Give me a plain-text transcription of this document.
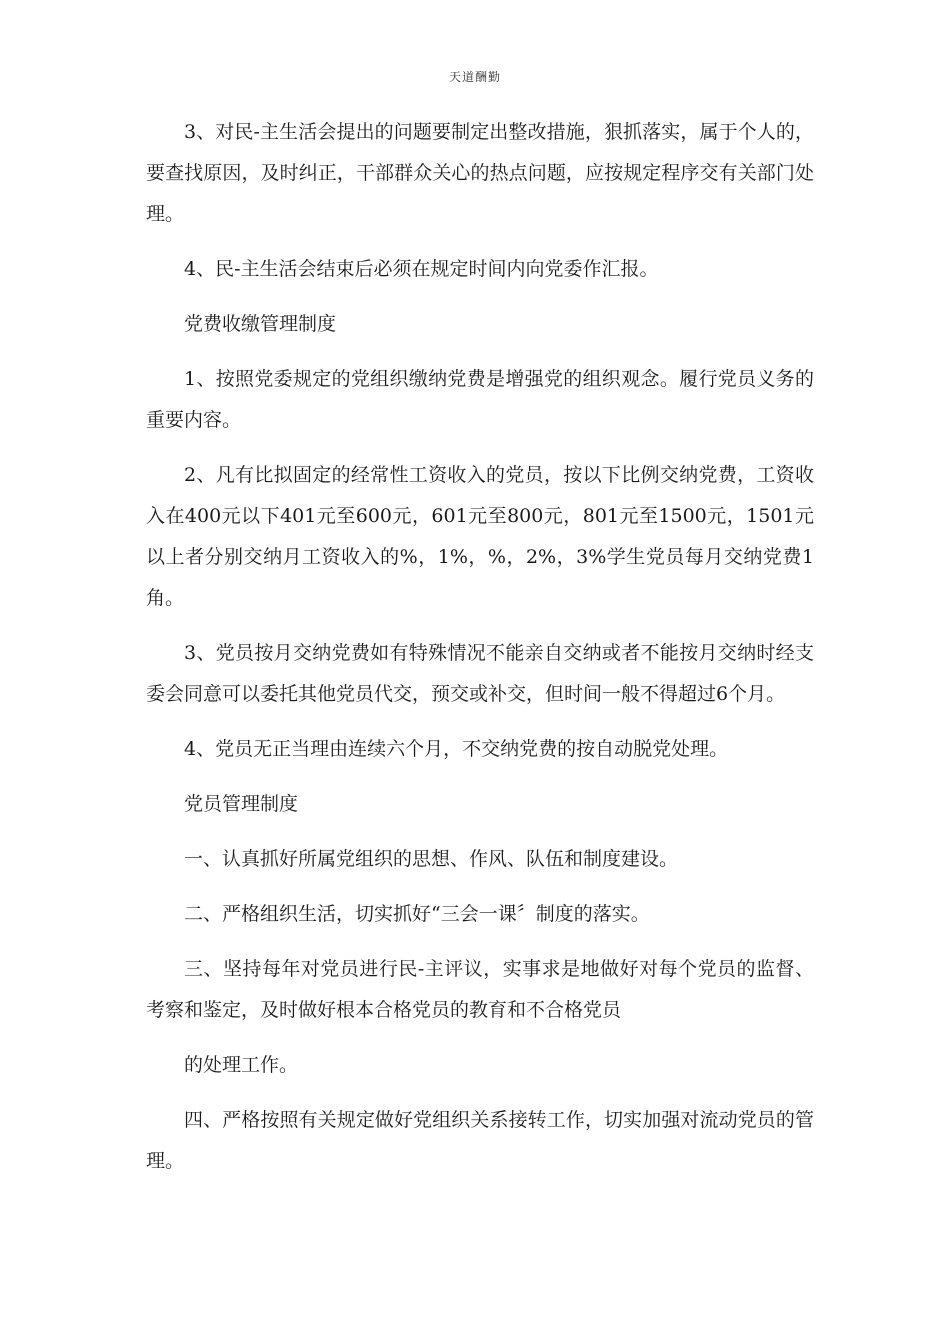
天道酬勤

3、对民-主生活会提出的问题要制定出整改措施，狠抓落实，属于个人的，要查找原因，及时纠正，干部群众关心的热点问题，应按规定程序交有关部门处理。

4、民-主生活会结束后必须在规定时间内向党委作汇报。

党费收缴管理制度

1、按照党委规定的党组织缴纳党费是增强党的组织观念。履行党员义务的重要内容。

2、凡有比拟固定的经常性工资收入的党员，按以下比例交纳党费，工资收入在400元以下401元至600元，601元至800元，801元至1500元，1501元以上者分别交纳月工资收入的%，1%，%，2%，3%学生党员每月交纳党费1角。

3、党员按月交纳党费如有特殊情况不能亲自交纳或者不能按月交纳时经支委会同意可以委托其他党员代交，预交或补交，但时间一般不得超过6个月。

4、党员无正当理由连续六个月，不交纳党费的按自动脱党处理。

党员管理制度

一、认真抓好所属党组织的思想、作风、队伍和制度建设。

二、严格组织生活，切实抓好“三会一课〞制度的落实。

三、坚持每年对党员进行民-主评议，实事求是地做好对每个党员的监督、考察和鉴定，及时做好根本合格党员的教育和不合格党员

的处理工作。

四、严格按照有关规定做好党组织关系接转工作，切实加强对流动党员的管理。
